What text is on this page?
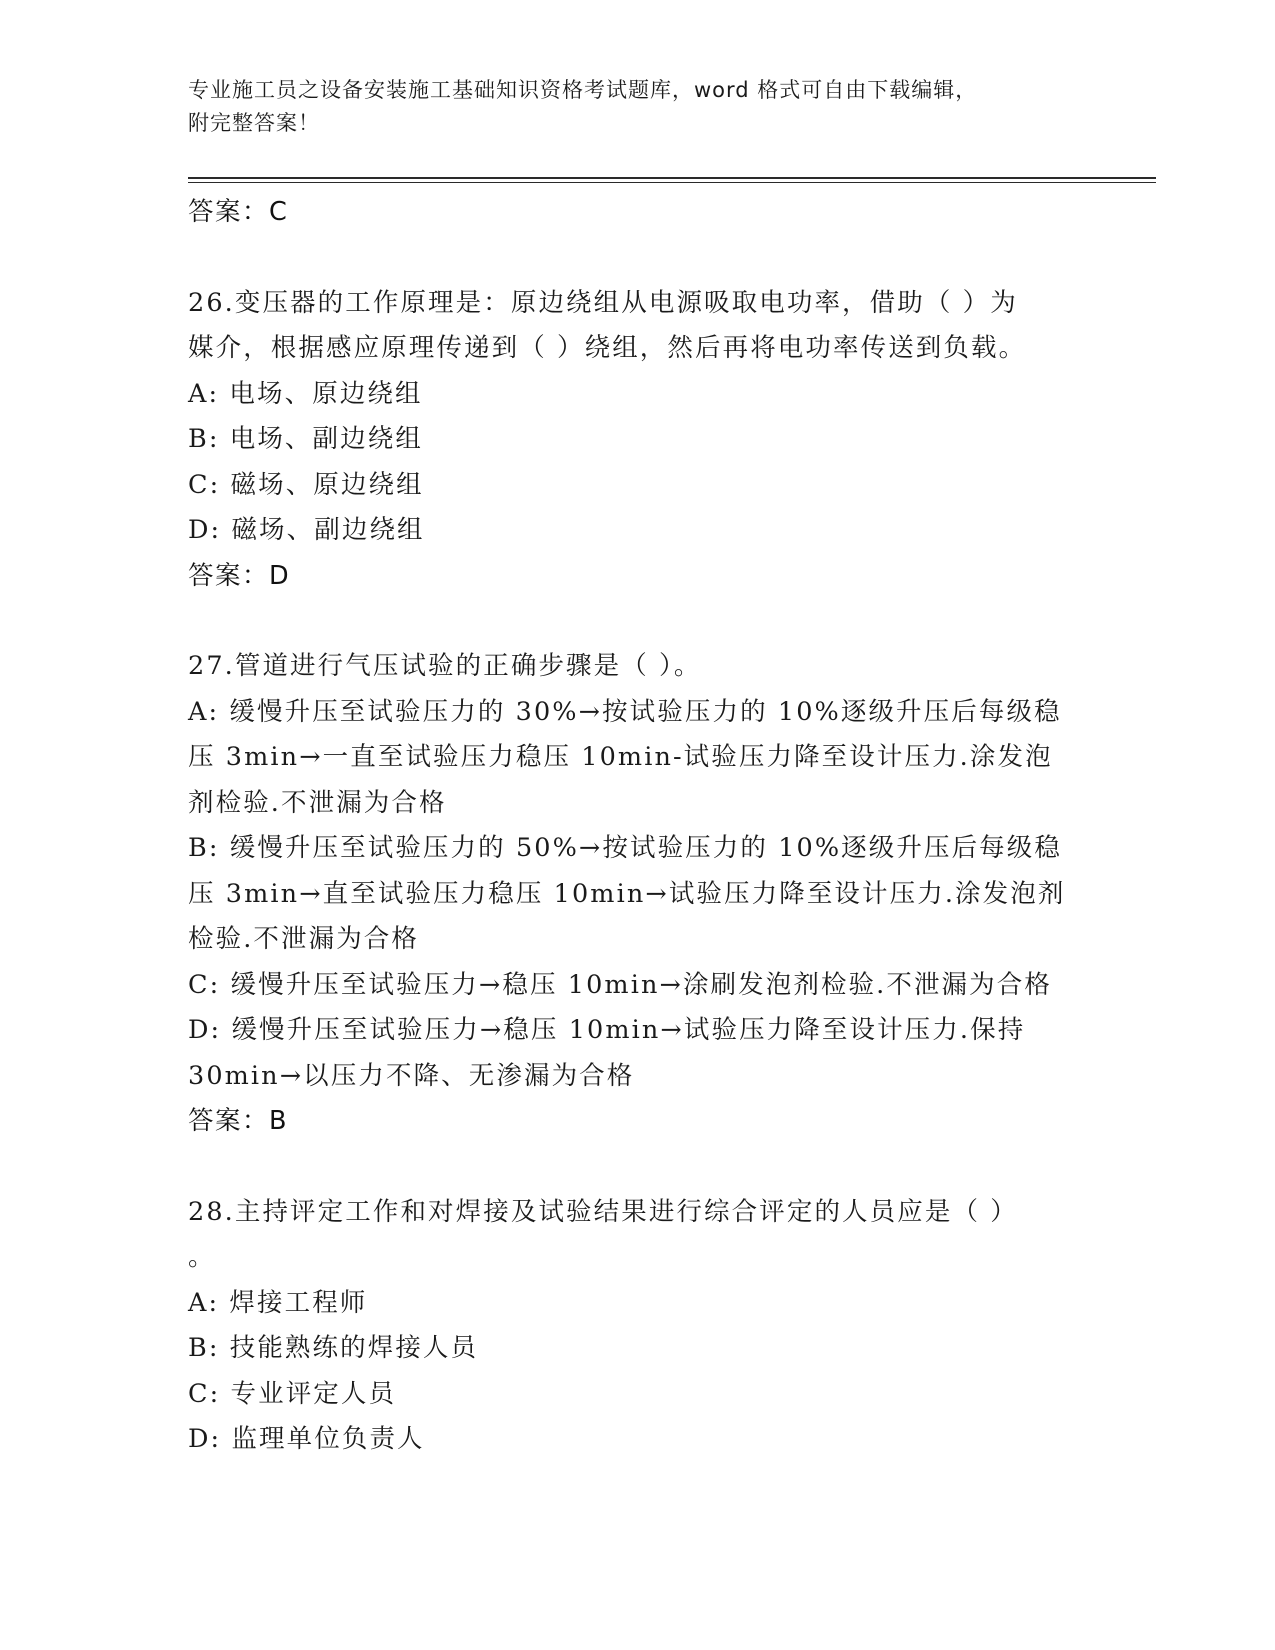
专业施工员之设备安装施工基础知识资格考试题库，word 格式可自由下载编辑，

附完整答案！

答案：C

26.变压器的工作原理是：原边绕组从电源吸取电功率，借助（ ）为

媒介，根据感应原理传递到（ ）绕组，然后再将电功率传送到负载。

A: 电场、原边绕组

B: 电场、副边绕组

C: 磁场、原边绕组

D: 磁场、副边绕组

答案：D

27.管道进行气压试验的正确步骤是（ ）。

A: 缓慢升压至试验压力的 30%→按试验压力的 10%逐级升压后每级稳

压 3min→一直至试验压力稳压 10min-试验压力降至设计压力.涂发泡

剂检验.不泄漏为合格

B: 缓慢升压至试验压力的 50%→按试验压力的 10%逐级升压后每级稳

压 3min→直至试验压力稳压 10min→试验压力降至设计压力.涂发泡剂

检验.不泄漏为合格

C: 缓慢升压至试验压力→稳压 10min→涂刷发泡剂检验.不泄漏为合格

D: 缓慢升压至试验压力→稳压 10min→试验压力降至设计压力.保持

30min→以压力不降、无渗漏为合格

答案：B

28.主持评定工作和对焊接及试验结果进行综合评定的人员应是（ ）

。

A: 焊接工程师

B: 技能熟练的焊接人员

C: 专业评定人员

D: 监理单位负责人
